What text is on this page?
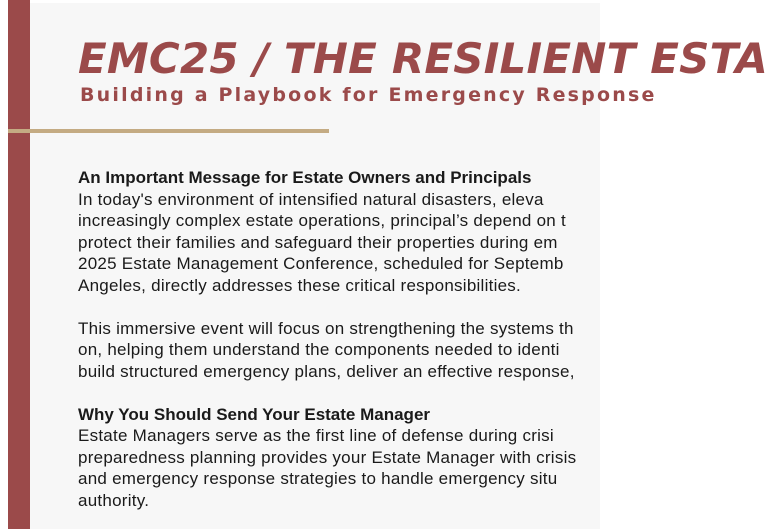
EMC25 / THE RESILIENT ESTA

Building a Playbook for Emergency Response

An Important Message for Estate Owners and Principals

In today's environment of intensified natural disasters, eleva
increasingly complex estate operations, principal’s depend on t
protect their families and safeguard their properties during em
2025 Estate Management Conference, scheduled for Septemb
Angeles, directly addresses these critical responsibilities.

This immersive event will focus on strengthening the systems th
on, helping them understand the components needed to identi
build structured emergency plans, deliver an effective response,

Why You Should Send Your Estate Manager

Estate Managers serve as the first line of defense during crisi
preparedness planning provides your Estate Manager with crisis
and emergency response strategies to handle emergency situ
authority.
